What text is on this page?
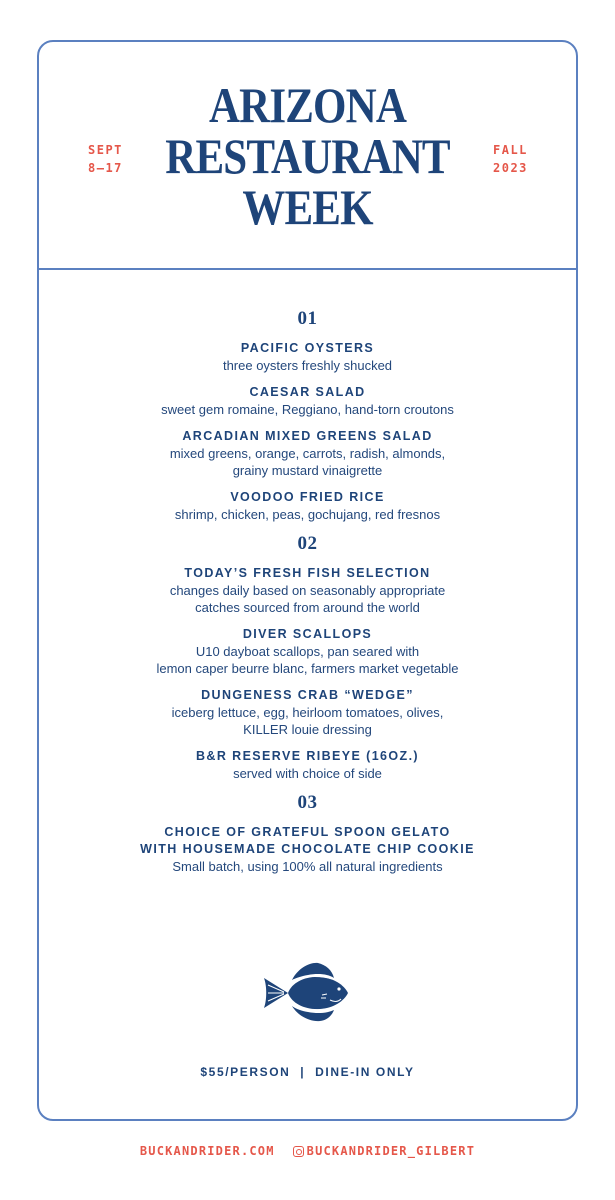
SEPT
8–17
ARIZONA
RESTAURANT
WEEK
FALL
2023
01
PACIFIC OYSTERS
three oysters freshly shucked
CAESAR SALAD
sweet gem romaine, Reggiano, hand-torn croutons
ARCADIAN MIXED GREENS SALAD
mixed greens, orange, carrots, radish, almonds,
grainy mustard vinaigrette
VOODOO FRIED RICE
shrimp, chicken, peas, gochujang, red fresnos
02
TODAY’S FRESH FISH SELECTION
changes daily based on seasonably appropriate
catches sourced from around the world
DIVER SCALLOPS
U10 dayboat scallops, pan seared with
lemon caper beurre blanc, farmers market vegetable
DUNGENESS CRAB “WEDGE”
iceberg lettuce, egg, heirloom tomatoes, olives,
KILLER louie dressing
B&R RESERVE RIBEYE (16OZ.)
served with choice of side
03
CHOICE OF GRATEFUL SPOON GELATO
WITH HOUSEMADE CHOCOLATE CHIP COOKIE
Small batch, using 100% all natural ingredients
$55/PERSON  |  DINE-IN ONLY
BUCKANDRIDER.COM	BUCKANDRIDER_GILBERT
